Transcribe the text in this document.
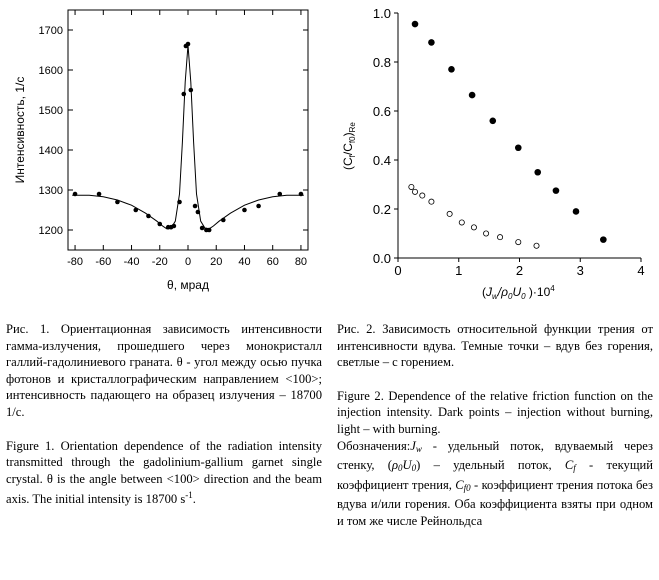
-80 -60 -40 -20 0 20 40 60 80
1200
1300
1400
1500
1600
1700
θ, мрад
Интенсивность, 1/с
0	1	2	3	4
0.0
0.2
0.4
0.6
0.8
1.0
$(C_f/C_{f0})_{Re}$
($J_w/\rho_0U_0$ )$\cdot 10^4$

Рис. 1. Ориентационная зависимость интенсивности гамма-излучения, прошедшего через монокристалл галлий-гадолиниевого граната. θ - угол между осью пучка фотонов и кристаллографическим направлением <100>; интенсивность падающего на образец излучения – 18700 1/с.

Figure 1. Orientation dependence of the radiation intensity transmitted through the gadolinium-gallium garnet single crystal. θ is the angle between <100> direction and the beam axis. The initial intensity is 18700 $s^{-1}$.

Рис. 2. Зависимость относительной функции трения от интенсивности вдува. Темные точки – вдув без горения, светлые – с горением.

Figure 2. Dependence of the relative friction function on the injection intensity. Dark points – injection without burning, light – with burning.

$Обозначения:J_w$ - удельный поток, вдуваемый через стенку, $(\rho_0U_0)$ – удельный поток, $C_f$ - текущий коэффициент трения, $C_{f0}$ - коэффициент трения потока без вдува и/или горения. Оба коэффициента взяты при одном и том же числе Рейнольдса
